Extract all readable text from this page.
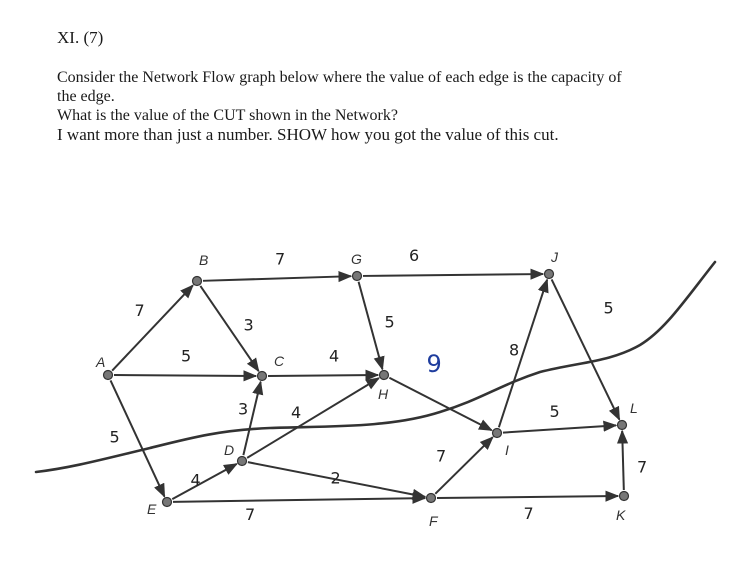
XI. (7)
Consider the Network Flow graph below where the value of each edge is the capacity of
the edge.
What is the value of the CUT shown in the Network?
I want more than just a number. SHOW how you got the value of this cut.
7
5
5
7
3
4
3	4
4	2
7
6
5
9	8
7
5
5
7
7
A
B
C
D
E
F
G
H
I
J
K
L
